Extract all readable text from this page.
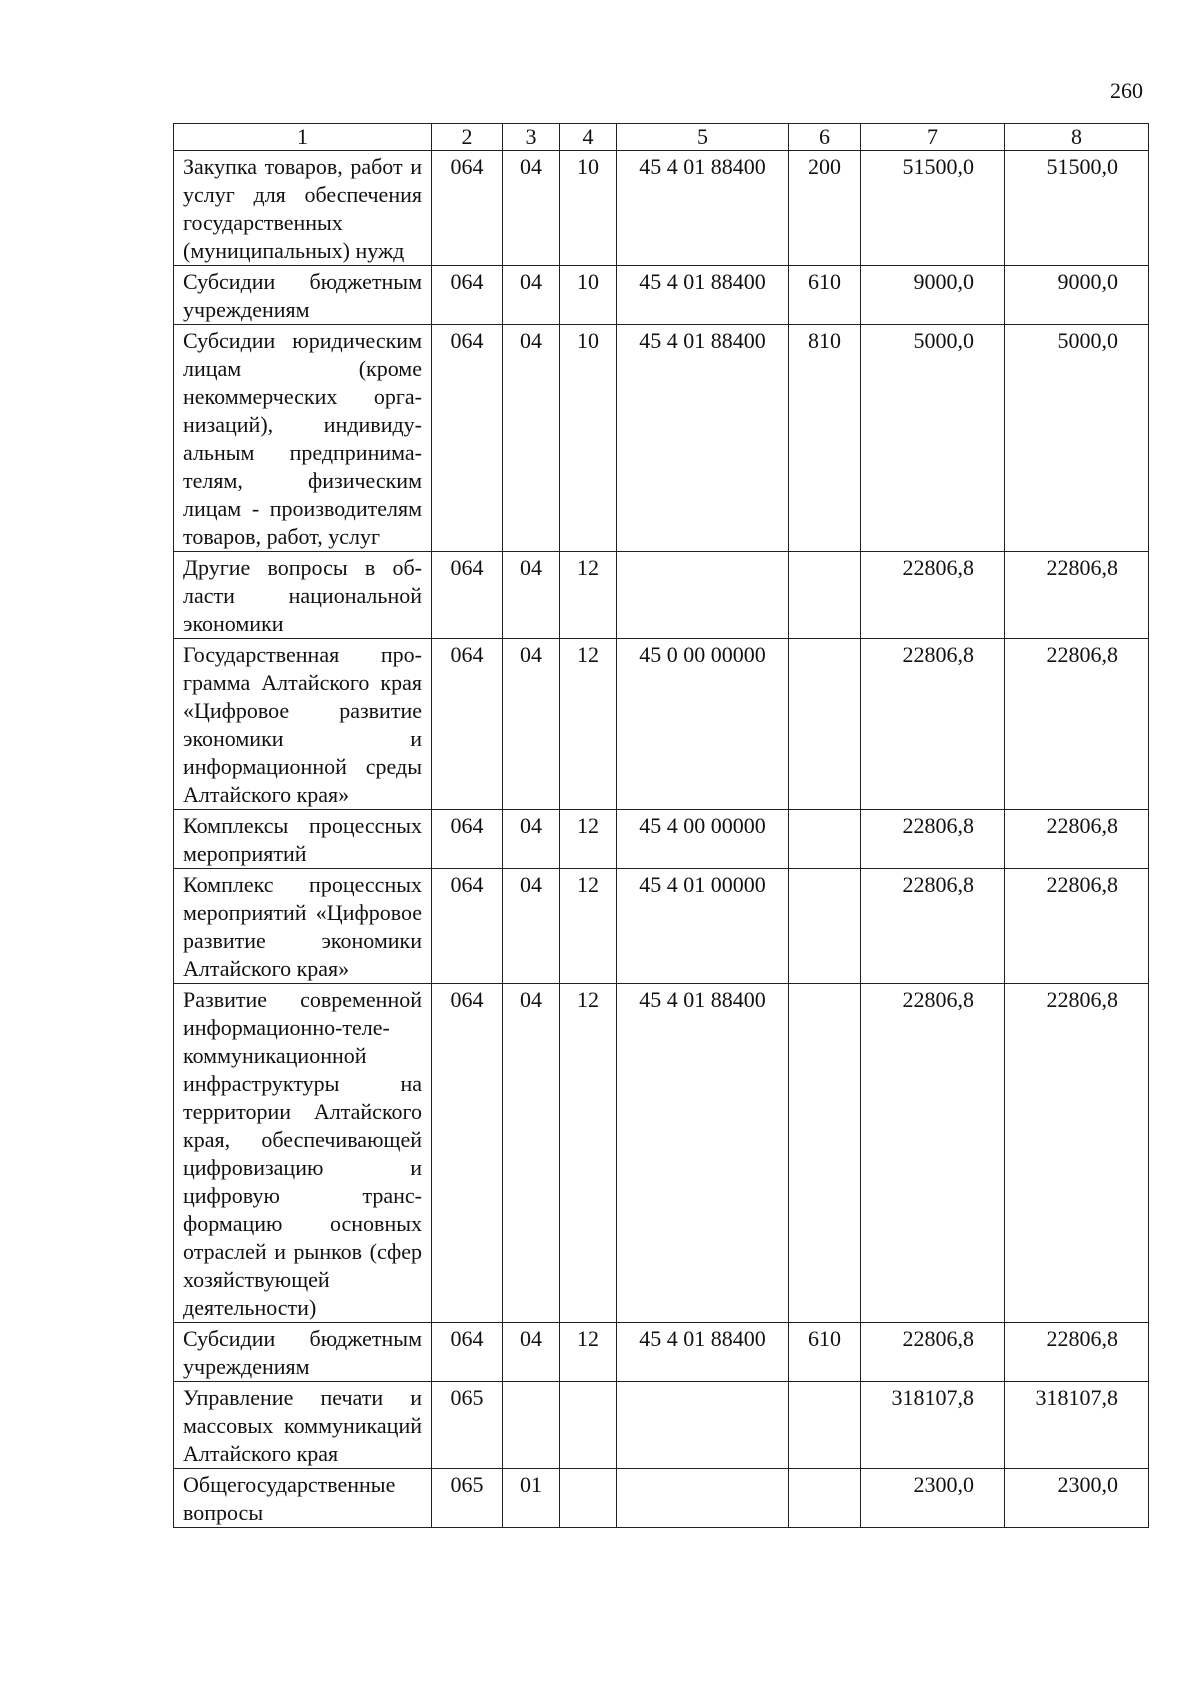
260
1	2	3	4	5	6	7	8
Закупка товаров, работ и услуг для обеспечения государственных (муниципальных) нужд	064	04	10	45 4 01 88400	200	51500,0	51500,0
Субсидии бюджетным учреждениям	064	04	10	45 4 01 88400	610	9000,0	9000,0
Субсидии юридическим лицам (кроме некоммерческих организаций), индивидуальным предпринимателям, физическим лицам - производителям товаров, работ, услуг	064	04	10	45 4 01 88400	810	5000,0	5000,0
Другие вопросы в области национальной экономики	064	04	12			22806,8	22806,8
Государственная программа Алтайского края «Цифровое развитие экономики и информационной среды Алтайского края»	064	04	12	45 0 00 00000		22806,8	22806,8
Комплексы процессных мероприятий	064	04	12	45 4 00 00000		22806,8	22806,8
Комплекс процессных мероприятий «Цифровое развитие экономики Алтайского края»	064	04	12	45 4 01 00000		22806,8	22806,8
Развитие современной информационно-телекоммуникационной инфраструктуры на территории Алтайского края, обеспечивающей цифровизацию и цифровую трансформацию основных отраслей и рынков (сфер хозяйствующей деятельности)	064	04	12	45 4 01 88400		22806,8	22806,8
Субсидии бюджетным учреждениям	064	04	12	45 4 01 88400	610	22806,8	22806,8
Управление печати и массовых коммуникаций Алтайского края	065					318107,8	318107,8
Общегосударственные вопросы	065	01				2300,0	2300,0
